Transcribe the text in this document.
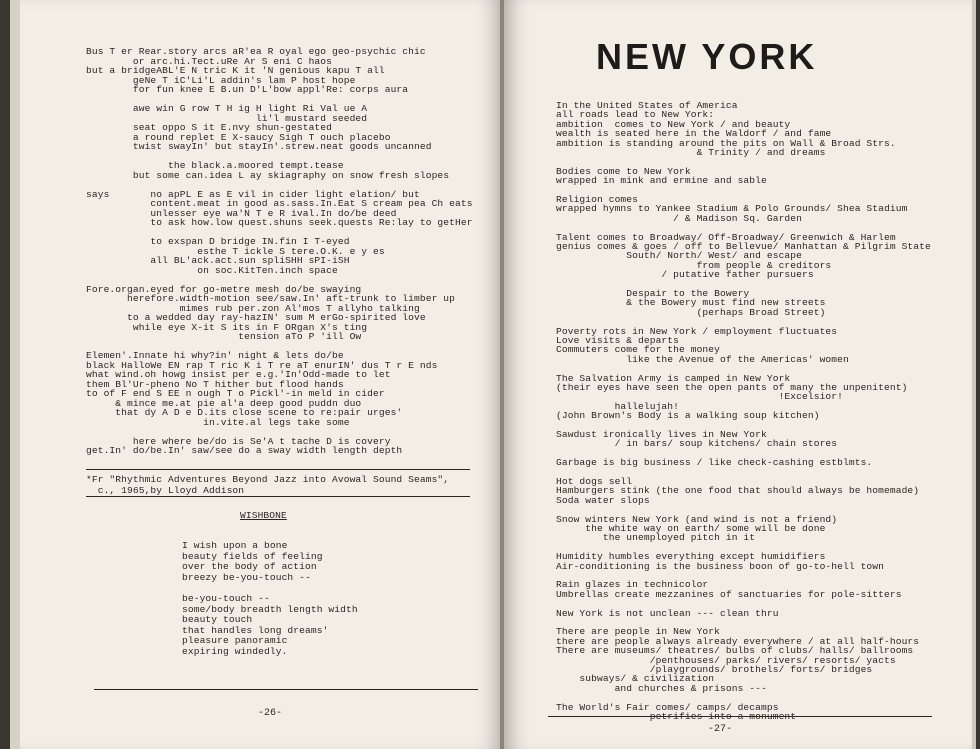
Bus T er Rear.story arcs aR'ea R oyal ego geo-psychic chic
or arc.hi.Tect.uRe Ar S eni C haos
but a bridgeABL'E N tric K it 'N genious kapu T all
geNe T iC'Li'L addin's lam P host hope
for fun knee E B.un D'L'bow appl'Re: corps aura
awe win G row T H ig H light Ri Val ue A
li'l mustard seeded
seat oppo S it E.nvy shun-gestated
a round replet E X-saucy Sigh T ouch placebo
twist swayIn' but stayIn'.strew.neat goods uncanned
the black.a.moored tempt.tease
but some can.idea L ay skiagraphy on snow fresh slopes
says       no apPL E as E vil in cider light elation/ but
content.meat in good as.sass.In.Eat S cream pea Ch eats
unlesser eye wa'N T e R ival.In do/be deed
to ask how.low quest.shuns seek.quests Re:lay to getHer
to exspan D bridge IN.fin I T-eyed
esthe T ickle S tere.O.K. e y es
all BL'ack.act.sun spliSHH sPI-iSH
on soc.KitTen.inch space
Fore.organ.eyed for go-metre mesh do/be swaying
herefore.width-motion see/saw.In' aft-trunk to limber up
mimes rub per.zon Al'mos T allyho talking
to a wedded day ray-hazIN' sum M erGo-spirited love
while eye X-it S its in F ORgan X's ting
tension aTo P 'ill Ow
Elemen'.Innate hi why?in' night & lets do/be
black HalloWe EN rap T ric K i T re aT enurIN' dus T r E nds
what wind.oh howg insist per e.g.'In'Odd-made to let
them Bl'Ur-pheno No T hither but flood hands
to of F end S EE n ough T o Pickl'-in meld in cider
& mince me.at pie al'a deep good puddn duo
that dy A D e D.its close scene to re:pair urges'
in.vite.al legs take some
here where be/do is Se'A t tache D is covery
get.In' do/be.In' saw/see do a sway width length depth
*Fr "Rhythmic Adventures Beyond Jazz into Avowal Sound Seams",
c., 1965,by Lloyd Addison
WISHBONE
I wish upon a bone
beauty fields of feeling
over the body of action
breezy be-you-touch --
be-you-touch --
some/body breadth length width
beauty touch
that handles long dreams'
pleasure panoramic
expiring windedly.
-26-
NEW YORK
In the United States of America
all roads lead to New York:
ambition  comes to New York / and beauty
wealth is seated here in the Waldorf / and fame
ambition is standing around the pits on Wall & Broad Strs.
& Trinity / and dreams
Bodies come to New York
wrapped in mink and ermine and sable
Religion comes
wrapped hymns to Yankee Stadium & Polo Grounds/ Shea Stadium
/ & Madison Sq. Garden
Talent comes to Broadway/ Off-Broadway/ Greenwich & Harlem
genius comes & goes / off to Bellevue/ Manhattan & Pilgrim State
South/ North/ West/ and escape
from people & creditors
/ putative father pursuers
Despair to the Bowery
& the Bowery must find new streets
(perhaps Broad Street)
Poverty rots in New York / employment fluctuates
Love visits & departs
Commuters come for the money
like the Avenue of the Americas' women
The Salvation Army is camped in New York
(their eyes have seen the open pants of many the unpenitent)
!Excelsior!
hallelujah!
(John Brown's Body is a walking soup kitchen)
Sawdust ironically lives in New York
/ in bars/ soup kitchens/ chain stores
Garbage is big business / like check-cashing estblmts.
Hot dogs sell
Hamburgers stink (the one food that should always be homemade)
Soda water slops
Snow winters New York (and wind is not a friend)
the white way on earth/ some will be done
the unemployed pitch in it
Humidity humbles everything except humidifiers
Air-conditioning is the business boon of go-to-hell town
Rain glazes in technicolor
Umbrellas create mezzanines of sanctuaries for pole-sitters
New York is not unclean --- clean thru
There are people in New York
there are people always already everywhere / at all half-hours
There are museums/ theatres/ bulbs of clubs/ halls/ ballrooms
/penthouses/ parks/ rivers/ resorts/ yacts
/playgrounds/ brothels/ forts/ bridges
subways/ & civilization
and churches & prisons ---
The World's Fair comes/ camps/ decamps
-27-
